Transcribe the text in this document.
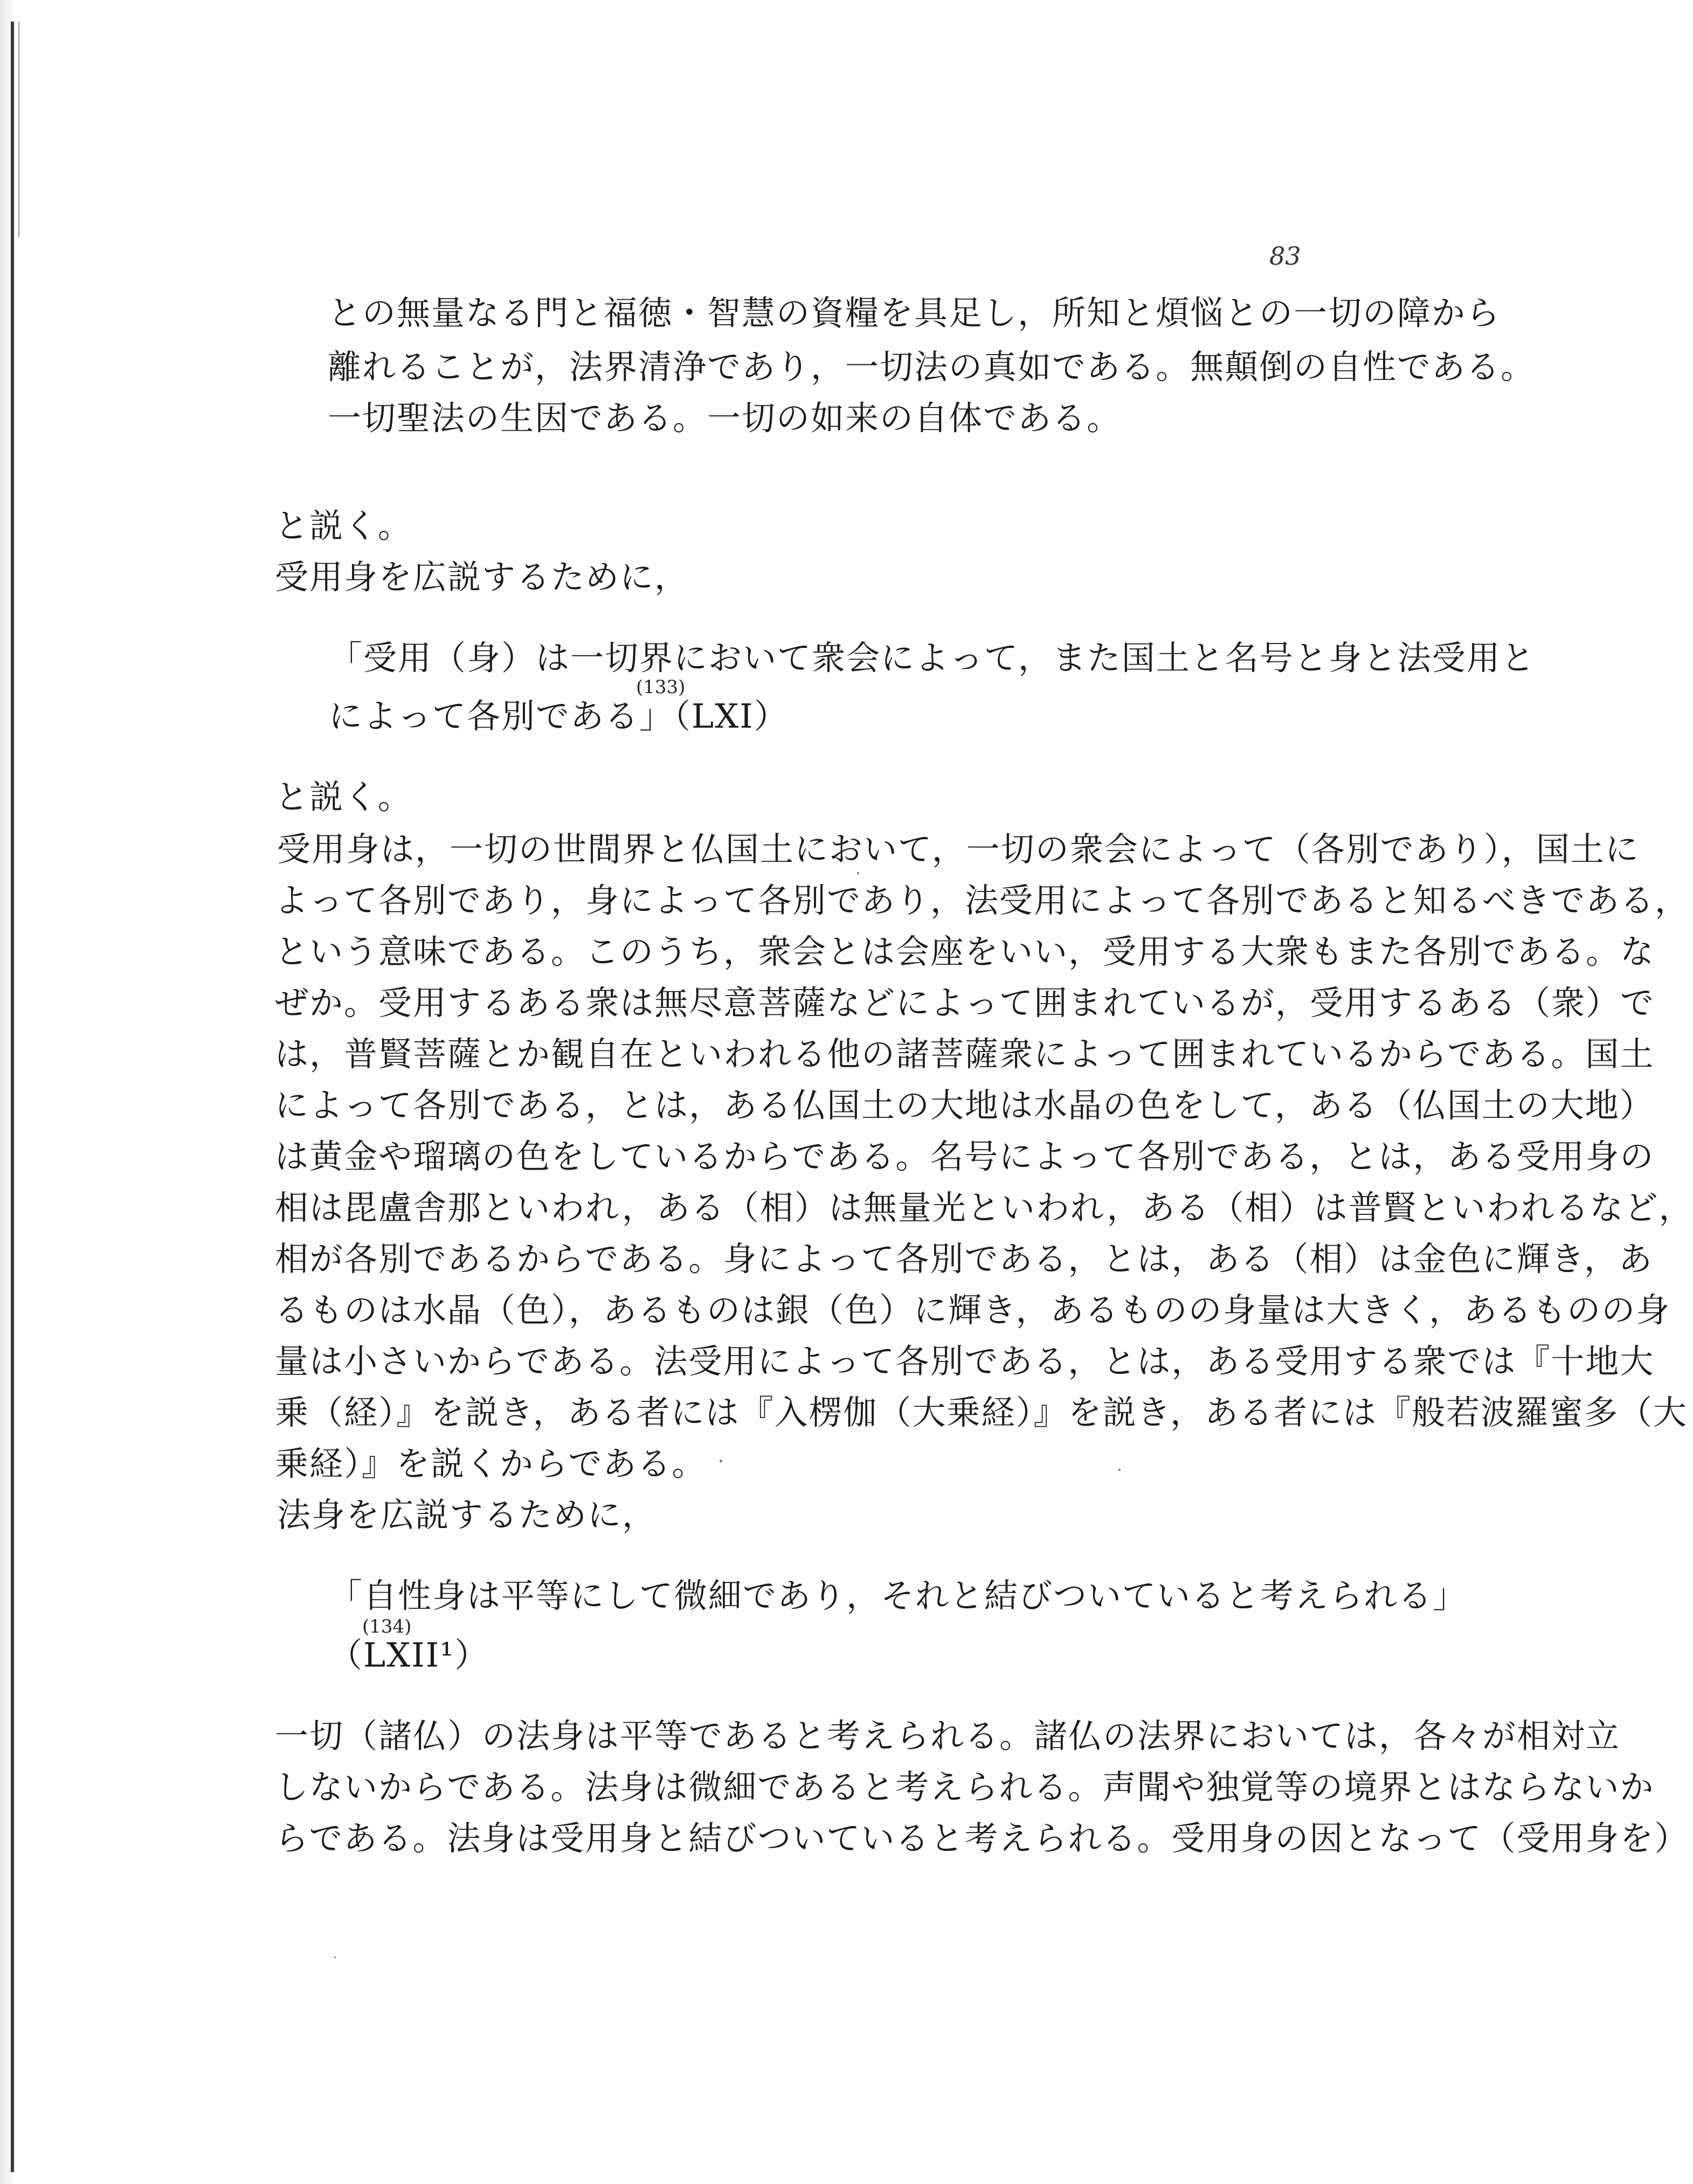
83
との無量なる門と福徳・智慧の資糧を具足し，所知と煩悩との一切の障から
離れることが，法界清浄であり，一切法の真如である。無顛倒の自性である。
一切聖法の生因である。一切の如来の自体である。
と説く。
受用身を広説するために，
「受用（身）は一切界において衆会によって，また国土と名号と身と法受用と
(133)
によって各別である」（LXI）
と説く。
受用身は，一切の世間界と仏国土において，一切の衆会によって（各別であり），国土に
よって各別であり，身によって各別であり，法受用によって各別であると知るべきである，
という意味である。このうち，衆会とは会座をいい，受用する大衆もまた各別である。な
ぜか。受用するある衆は無尽意菩薩などによって囲まれているが，受用するある（衆）で
は，普賢菩薩とか観自在といわれる他の諸菩薩衆によって囲まれているからである。国土
によって各別である，とは，ある仏国土の大地は水晶の色をして，ある（仏国土の大地）
は黄金や瑠璃の色をしているからである。名号によって各別である，とは，ある受用身の
相は毘盧舎那といわれ，ある（相）は無量光といわれ，ある（相）は普賢といわれるなど，
相が各別であるからである。身によって各別である，とは，ある（相）は金色に輝き，あ
るものは水晶（色），あるものは銀（色）に輝き，あるものの身量は大きく，あるものの身
量は小さいからである。法受用によって各別である，とは，ある受用する衆では『十地大
乗（経）』を説き，ある者には『入楞伽（大乗経）』を説き，ある者には『般若波羅蜜多（大
乗経）』を説くからである。
法身を広説するために，
「自性身は平等にして微細であり，それと結びついていると考えられる」
(134)
（LXII¹）
一切（諸仏）の法身は平等であると考えられる。諸仏の法界においては，各々が相対立
しないからである。法身は微細であると考えられる。声聞や独覚等の境界とはならないか
らである。法身は受用身と結びついていると考えられる。受用身の因となって（受用身を）
